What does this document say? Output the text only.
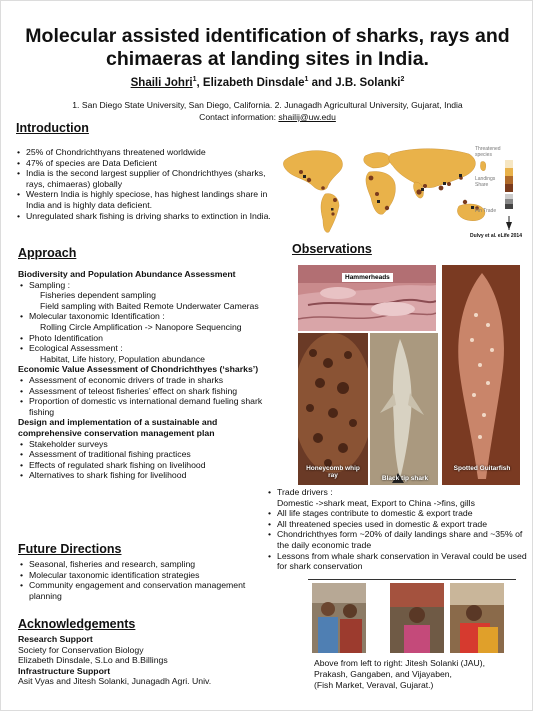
Molecular assisted identification of sharks, rays and
chimaeras at landing sites in India.
Shaili Johri$^1$, Elizabeth Dinsdale$^1$ and J.B. Solanki$^2$
1. San Diego State University, San Diego, California. 2. Junagadh Agricultural University, Gujarat, India
Contact information: shailij@uw.edu
Introduction
• 25% of Chondrichthyans threatened worldwide
• 47% of species are Data Deficient
• India is the second largest supplier of Chondrichthyes (sharks, rays, chimaeras) globally
• Western India is highly speciose, has highest landings share in India and is highly data deficient.
• Unregulated shark fishing is driving sharks to extinction in India.
Threatened species
Landings Share
Fin Trade
Dulvy et al. eLife 2014
Approach
Biodiversity and Population Abundance Assessment
• Sampling :
Fisheries dependent sampling
Field sampling with Baited Remote Underwater Cameras
• Molecular taxonomic Identification :
Rolling Circle Amplification -> Nanopore Sequencing
• Photo Identification
• Ecological Assessment :
Habitat, Life history, Population abundance
Economic Value Assessment of Chondrichthyes (‘sharks’)
• Assessment of economic drivers of trade in sharks
• Assessment of teleost fisheries’ effect on shark fishing
• Proportion of domestic vs international demand fueling shark fishing
Design and implementation of a sustainable and comprehensive conservation management plan
• Stakeholder surveys
• Assessment of traditional fishing practices
• Effects of regulated shark fishing on livelihood
• Alternatives to shark fishing for livelihood
Future Directions
• Seasonal, fisheries and research, sampling
• Molecular taxonomic identification strategies
• Community engagement and conservation management planning
Acknowledgements
Research Support
Society for Conservation Biology
Elizabeth Dinsdale, S.Lo and B.Billings
Infrastructure Support
Asit Vyas and Jitesh Solanki, Junagadh Agri. Univ.
Observations
Hammerheads
Honeycomb whip ray	Black tip shark
Spotted Guitarfish
• Trade drivers :
Domestic ->shark meat, Export to China ->fins, gills
• All life stages contribute to domestic & export trade
• All threatened species used in domestic & export trade
• Chondrichthyes form ~20% of daily landings share and ~35% of the daily economic trade
• Lessons from whale shark conservation in Veraval could be used for shark conservation
Above from left to right: Jitesh Solanki (JAU),
Prakash, Gangaben, and Vijayaben,
(Fish Market, Veraval, Gujarat.)
